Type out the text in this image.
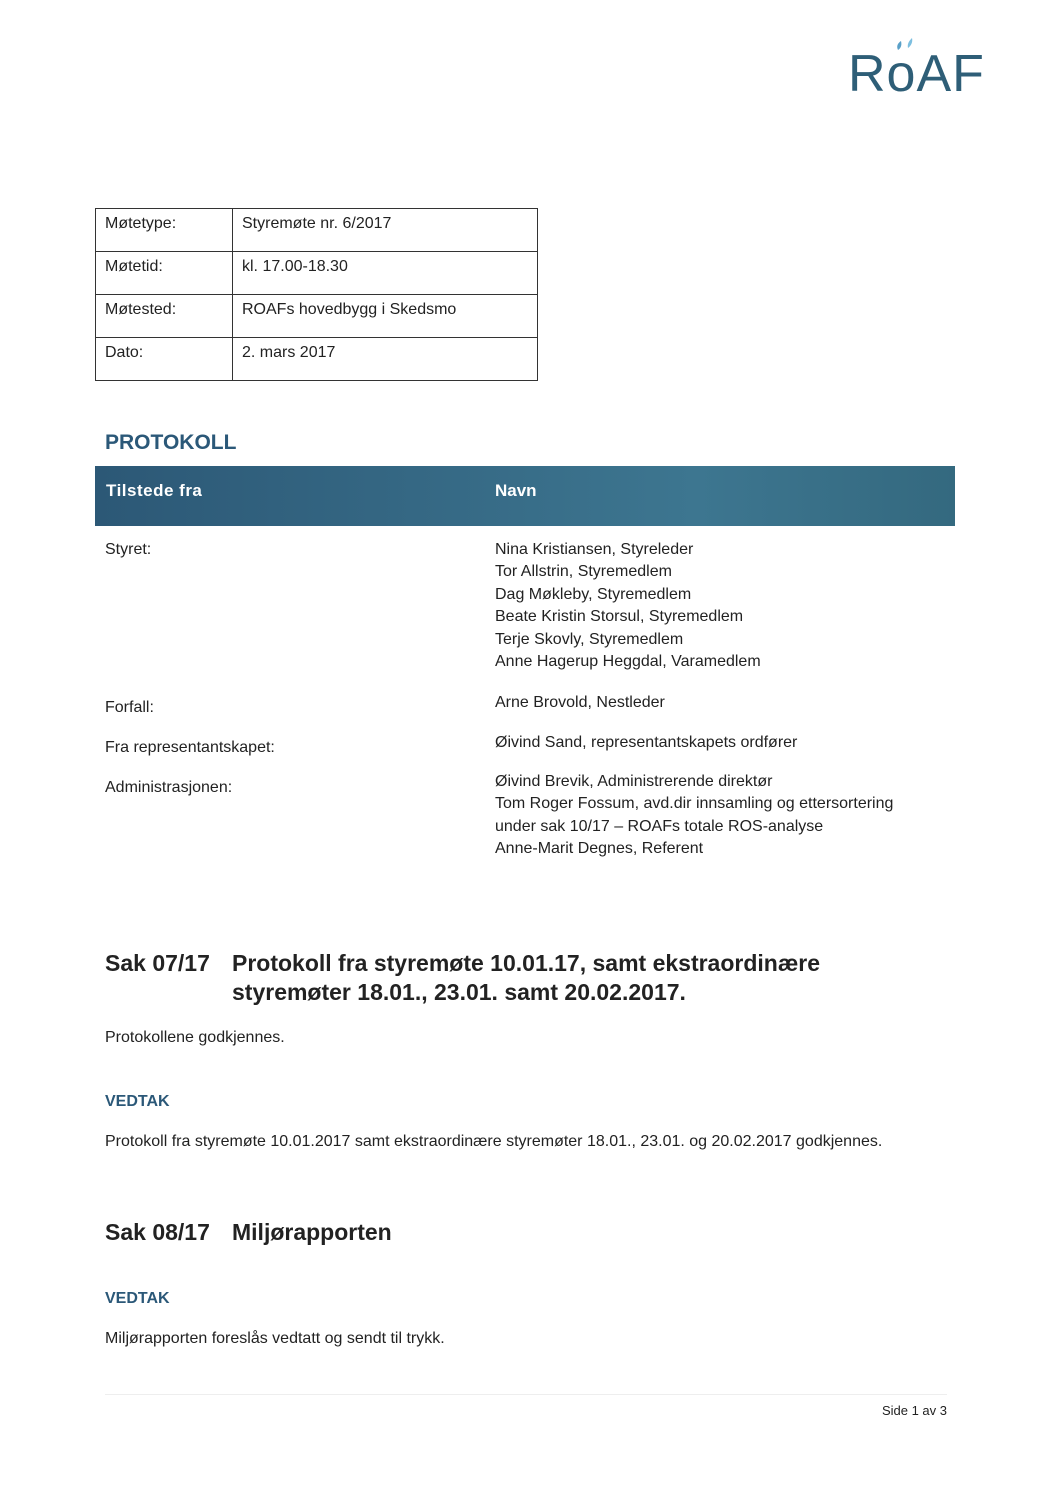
RoAF
Møtetype:	Styremøte nr. 6/2017
Møtetid:	kl. 17.00-18.30
Møtested:	ROAFs hovedbygg i Skedsmo
Dato:	2. mars 2017
PROTOKOLL
Tilstede fra	Navn
Styret:	Nina Kristiansen, Styreleder
Tor Allstrin, Styremedlem
Dag Møkleby, Styremedlem
Beate Kristin Storsul, Styremedlem
Terje Skovly, Styremedlem
Anne Hagerup Heggdal, Varamedlem
Forfall:	Arne Brovold, Nestleder
Fra representantskapet:	Øivind Sand, representantskapets ordfører
Administrasjonen:	Øivind Brevik, Administrerende direktør
Tom Roger Fossum, avd.dir innsamling og ettersortering
under sak 10/17 – ROAFs totale ROS-analyse
Anne-Marit Degnes, Referent
Sak 07/17 Protokoll fra styremøte 10.01.17, samt ekstraordinære
styremøter 18.01., 23.01. samt 20.02.2017.
Protokollene godkjennes.
VEDTAK
Protokoll fra styremøte 10.01.2017 samt ekstraordinære styremøter 18.01., 23.01. og 20.02.2017 godkjennes.
Sak 08/17 Miljørapporten
VEDTAK
Miljørapporten foreslås vedtatt og sendt til trykk.
Side 1 av 3
